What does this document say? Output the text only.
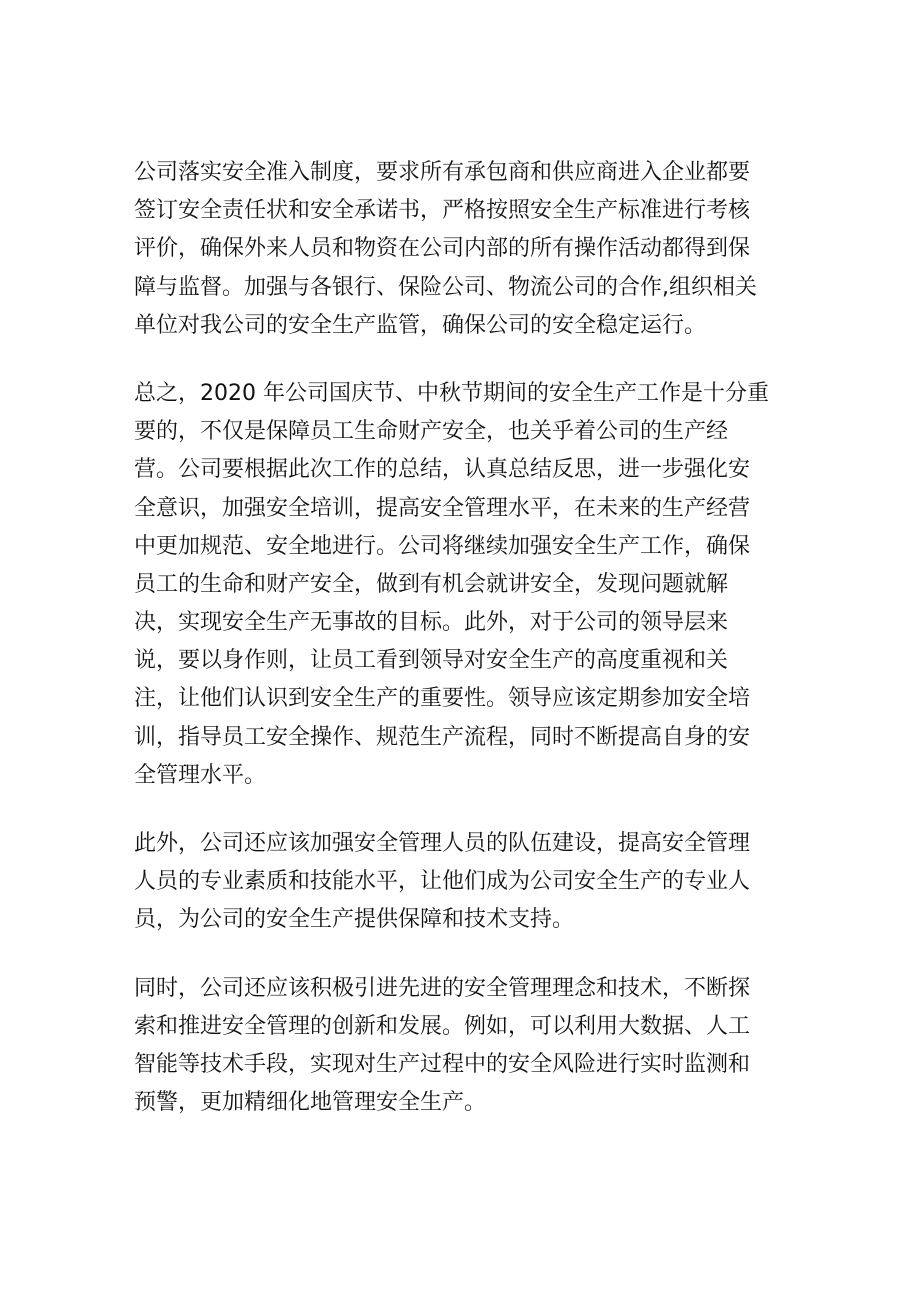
公司落实安全准入制度，要求所有承包商和供应商进入企业都要
签订安全责任状和安全承诺书，严格按照安全生产标准进行考核
评价，确保外来人员和物资在公司内部的所有操作活动都得到保
障与监督。加强与各银行、保险公司、物流公司的合作,组织相关
单位对我公司的安全生产监管，确保公司的安全稳定运行。

总之，2020 年公司国庆节、中秋节期间的安全生产工作是十分重
要的，不仅是保障员工生命财产安全，也关乎着公司的生产经
营。公司要根据此次工作的总结，认真总结反思，进一步强化安
全意识，加强安全培训，提高安全管理水平，在未来的生产经营
中更加规范、安全地进行。公司将继续加强安全生产工作，确保
员工的生命和财产安全，做到有机会就讲安全，发现问题就解
决，实现安全生产无事故的目标。此外，对于公司的领导层来
说，要以身作则，让员工看到领导对安全生产的高度重视和关
注，让他们认识到安全生产的重要性。领导应该定期参加安全培
训，指导员工安全操作、规范生产流程，同时不断提高自身的安
全管理水平。

此外，公司还应该加强安全管理人员的队伍建设，提高安全管理
人员的专业素质和技能水平，让他们成为公司安全生产的专业人
员，为公司的安全生产提供保障和技术支持。

同时，公司还应该积极引进先进的安全管理理念和技术，不断探
索和推进安全管理的创新和发展。例如，可以利用大数据、人工
智能等技术手段，实现对生产过程中的安全风险进行实时监测和
预警，更加精细化地管理安全生产。
